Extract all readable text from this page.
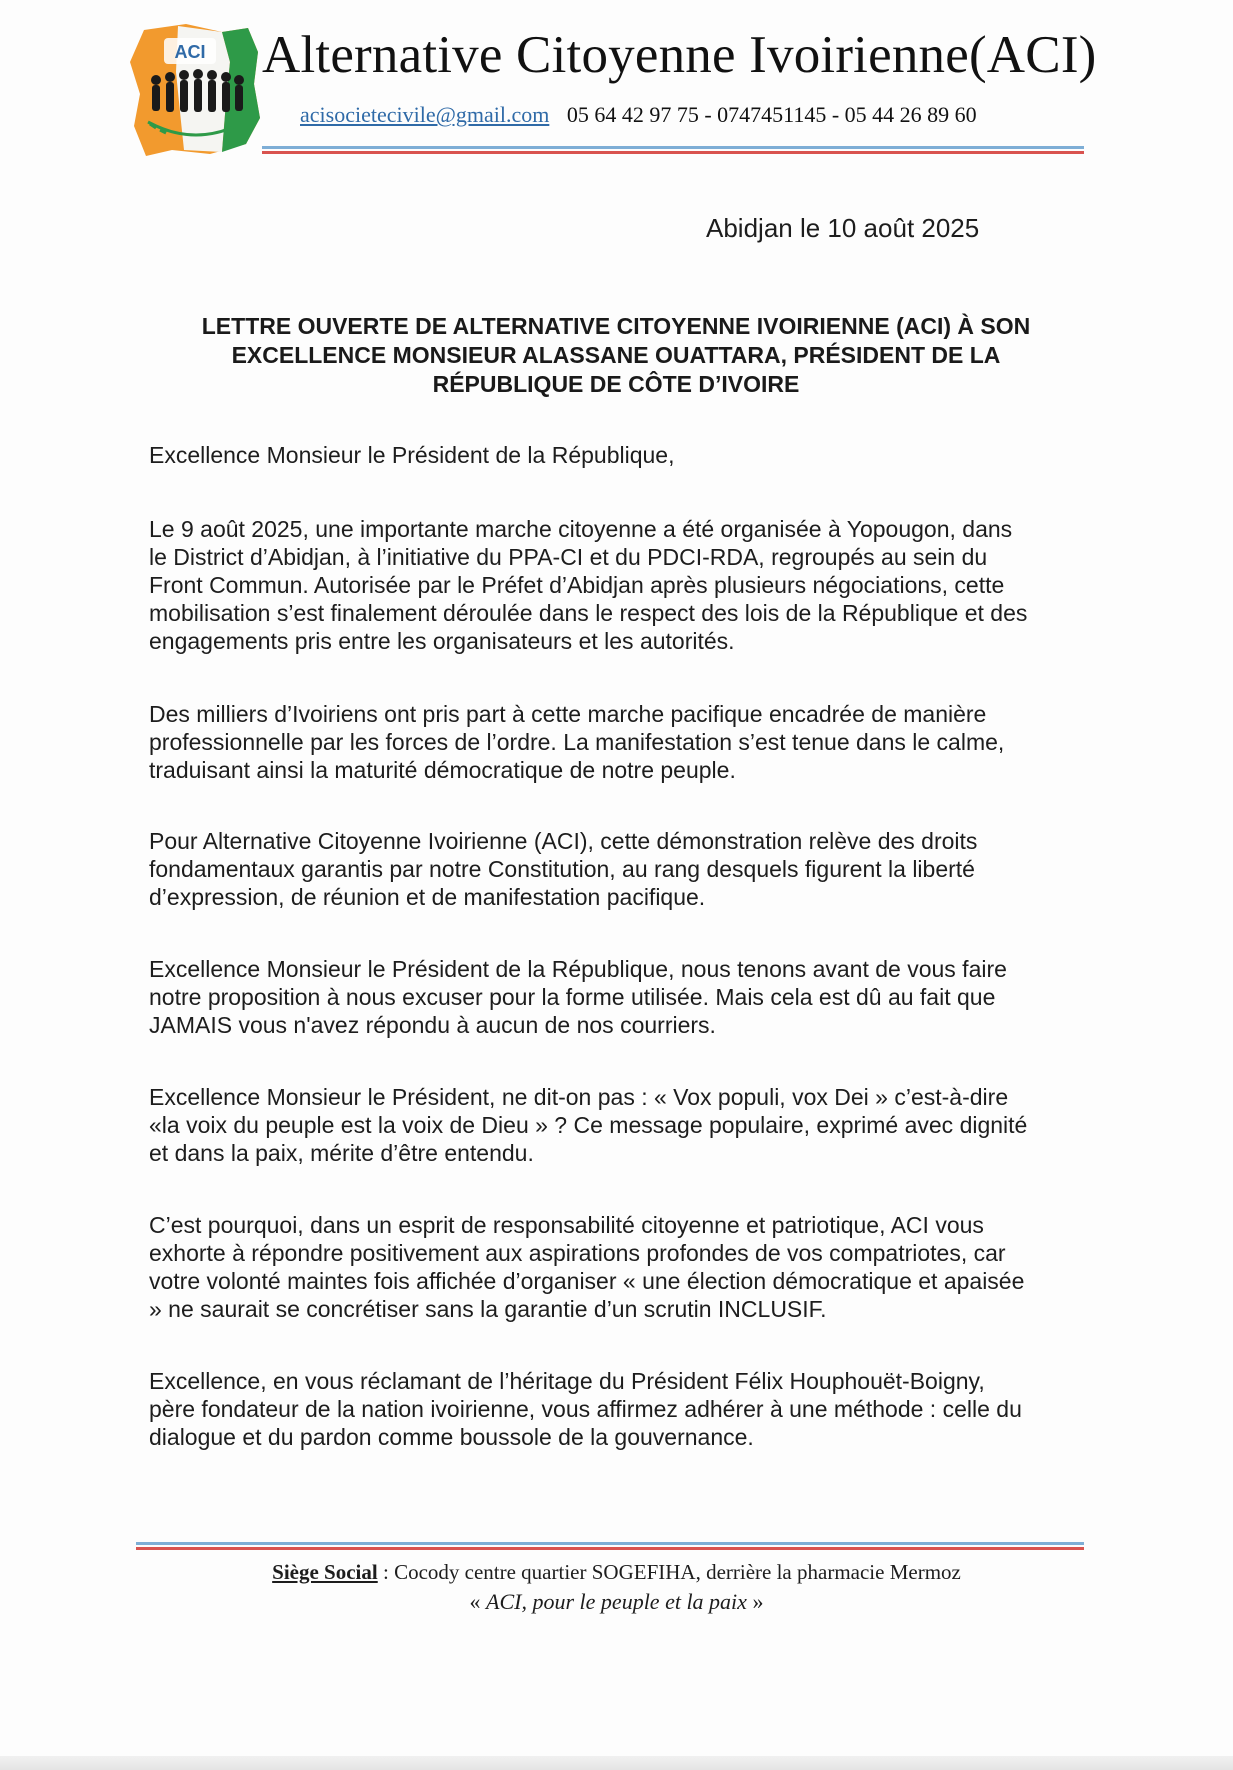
ACI Alternative Citoyenne Ivoirienne(ACI)
acisocietecivile@gmail.com 05 64 42 97 75 - 0747451145 - 05 44 26 89 60
Abidjan le 10 août 2025
LETTRE OUVERTE DE ALTERNATIVE CITOYENNE IVOIRIENNE (ACI) À SON
EXCELLENCE MONSIEUR ALASSANE OUATTARA, PRÉSIDENT DE LA
RÉPUBLIQUE DE CÔTE D’IVOIRE
Excellence Monsieur le Président de la République,
Le 9 août 2025, une importante marche citoyenne a été organisée à Yopougon, dans
le District d’Abidjan, à l’initiative du PPA-CI et du PDCI-RDA, regroupés au sein du
Front Commun. Autorisée par le Préfet d’Abidjan après plusieurs négociations, cette
mobilisation s’est finalement déroulée dans le respect des lois de la République et des
engagements pris entre les organisateurs et les autorités.
Des milliers d’Ivoiriens ont pris part à cette marche pacifique encadrée de manière
professionnelle par les forces de l’ordre. La manifestation s’est tenue dans le calme,
traduisant ainsi la maturité démocratique de notre peuple.
Pour Alternative Citoyenne Ivoirienne (ACI), cette démonstration relève des droits
fondamentaux garantis par notre Constitution, au rang desquels figurent la liberté
d’expression, de réunion et de manifestation pacifique.
Excellence Monsieur le Président de la République, nous tenons avant de vous faire
notre proposition à nous excuser pour la forme utilisée. Mais cela est dû au fait que
JAMAIS vous n'avez répondu à aucun de nos courriers.
Excellence Monsieur le Président, ne dit-on pas : « Vox populi, vox Dei » c’est-à-dire
«la voix du peuple est la voix de Dieu » ? Ce message populaire, exprimé avec dignité
et dans la paix, mérite d’être entendu.
C’est pourquoi, dans un esprit de responsabilité citoyenne et patriotique, ACI vous
exhorte à répondre positivement aux aspirations profondes de vos compatriotes, car
votre volonté maintes fois affichée d’organiser « une élection démocratique et apaisée
» ne saurait se concrétiser sans la garantie d’un scrutin INCLUSIF.
Excellence, en vous réclamant de l’héritage du Président Félix Houphouët-Boigny,
père fondateur de la nation ivoirienne, vous affirmez adhérer à une méthode : celle du
dialogue et du pardon comme boussole de la gouvernance.
Siège Social : Cocody centre quartier SOGEFIHA, derrière la pharmacie Mermoz
« ACI, pour le peuple et la paix »
